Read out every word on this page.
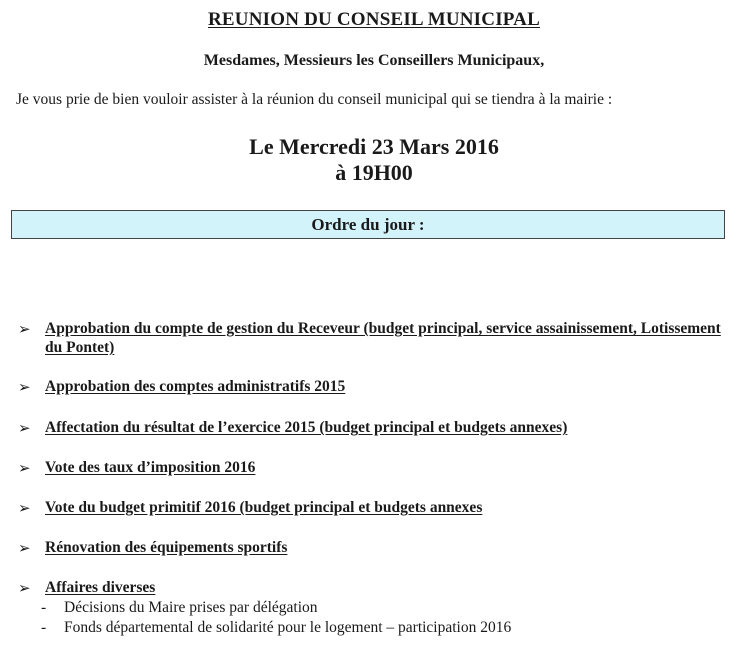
REUNION DU CONSEIL MUNICIPAL
Mesdames, Messieurs les Conseillers Municipaux,
Je vous prie de bien vouloir assister à la réunion du conseil municipal qui se tiendra à la mairie :
Le Mercredi 23 Mars 2016
à 19H00
Ordre du jour :
➢ Approbation du compte de gestion du Receveur (budget principal, service assainissement, Lotissement du Pontet)
➢ Approbation des comptes administratifs 2015
➢ Affectation du résultat de l’exercice 2015 (budget principal et budgets annexes)
➢ Vote des taux d’imposition 2016
➢ Vote du budget primitif 2016 (budget principal et budgets annexes
➢ Rénovation des équipements sportifs
➢ Affaires diverses
- Décisions du Maire prises par délégation
- Fonds départemental de solidarité pour le logement – participation 2016
